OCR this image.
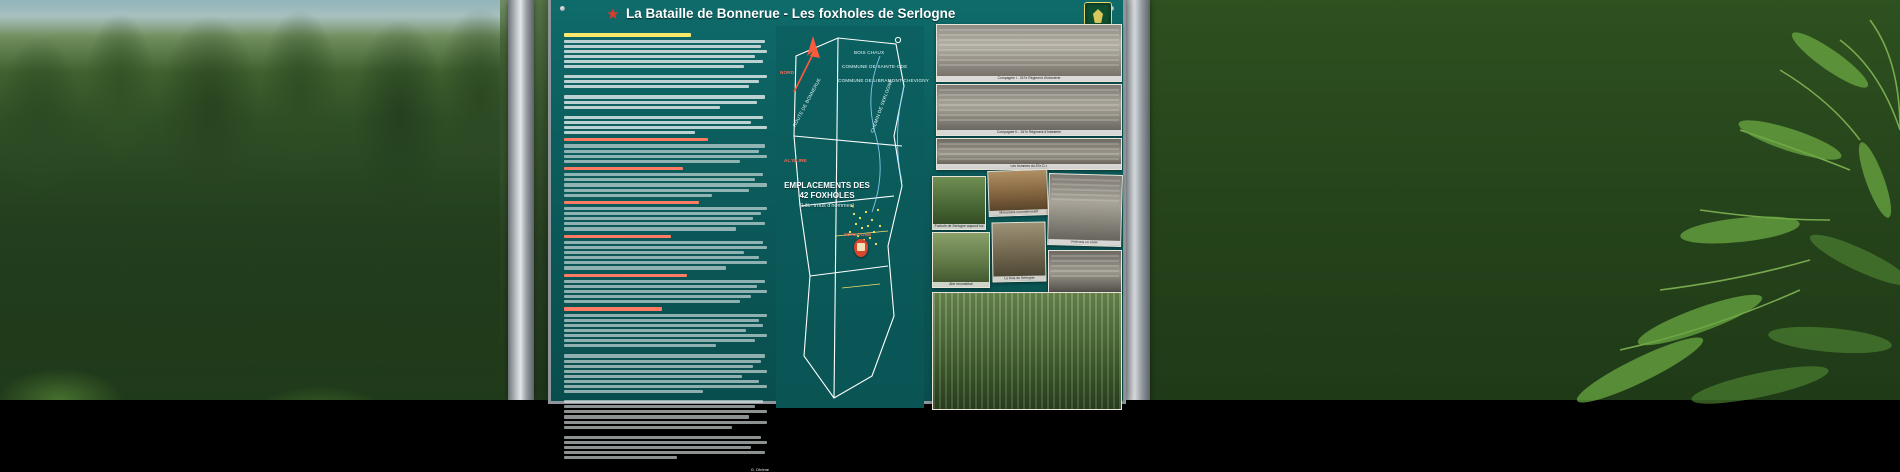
★ La Bataille de Bonnerue - Les foxholes de Serlogne
G. Dhôme
NORD
BOIS CHAUX
COMMUNE DE SAINTE-ODE
COMMUNE DE LIBRAMONT-CHEVIGNY
ROUTE DE BONNERUE	CHEMIN DE SERLOGNE
AL'GLIRE
SERLOGNE
EMPLACEMENTS DES 42 FOXHOLES
(Litt.: trous d'hommes)
Compagnie I - 347e Régiment d'Infanterie
Compagnie K - 347e Régiment d'Infanterie
Les hommes du 87e D.I.
Foxhole de Serlogne aujourd'hui
Monument commémoratif
Vétérans en visite
Abri reconstitué
Le bois de Serlogne
